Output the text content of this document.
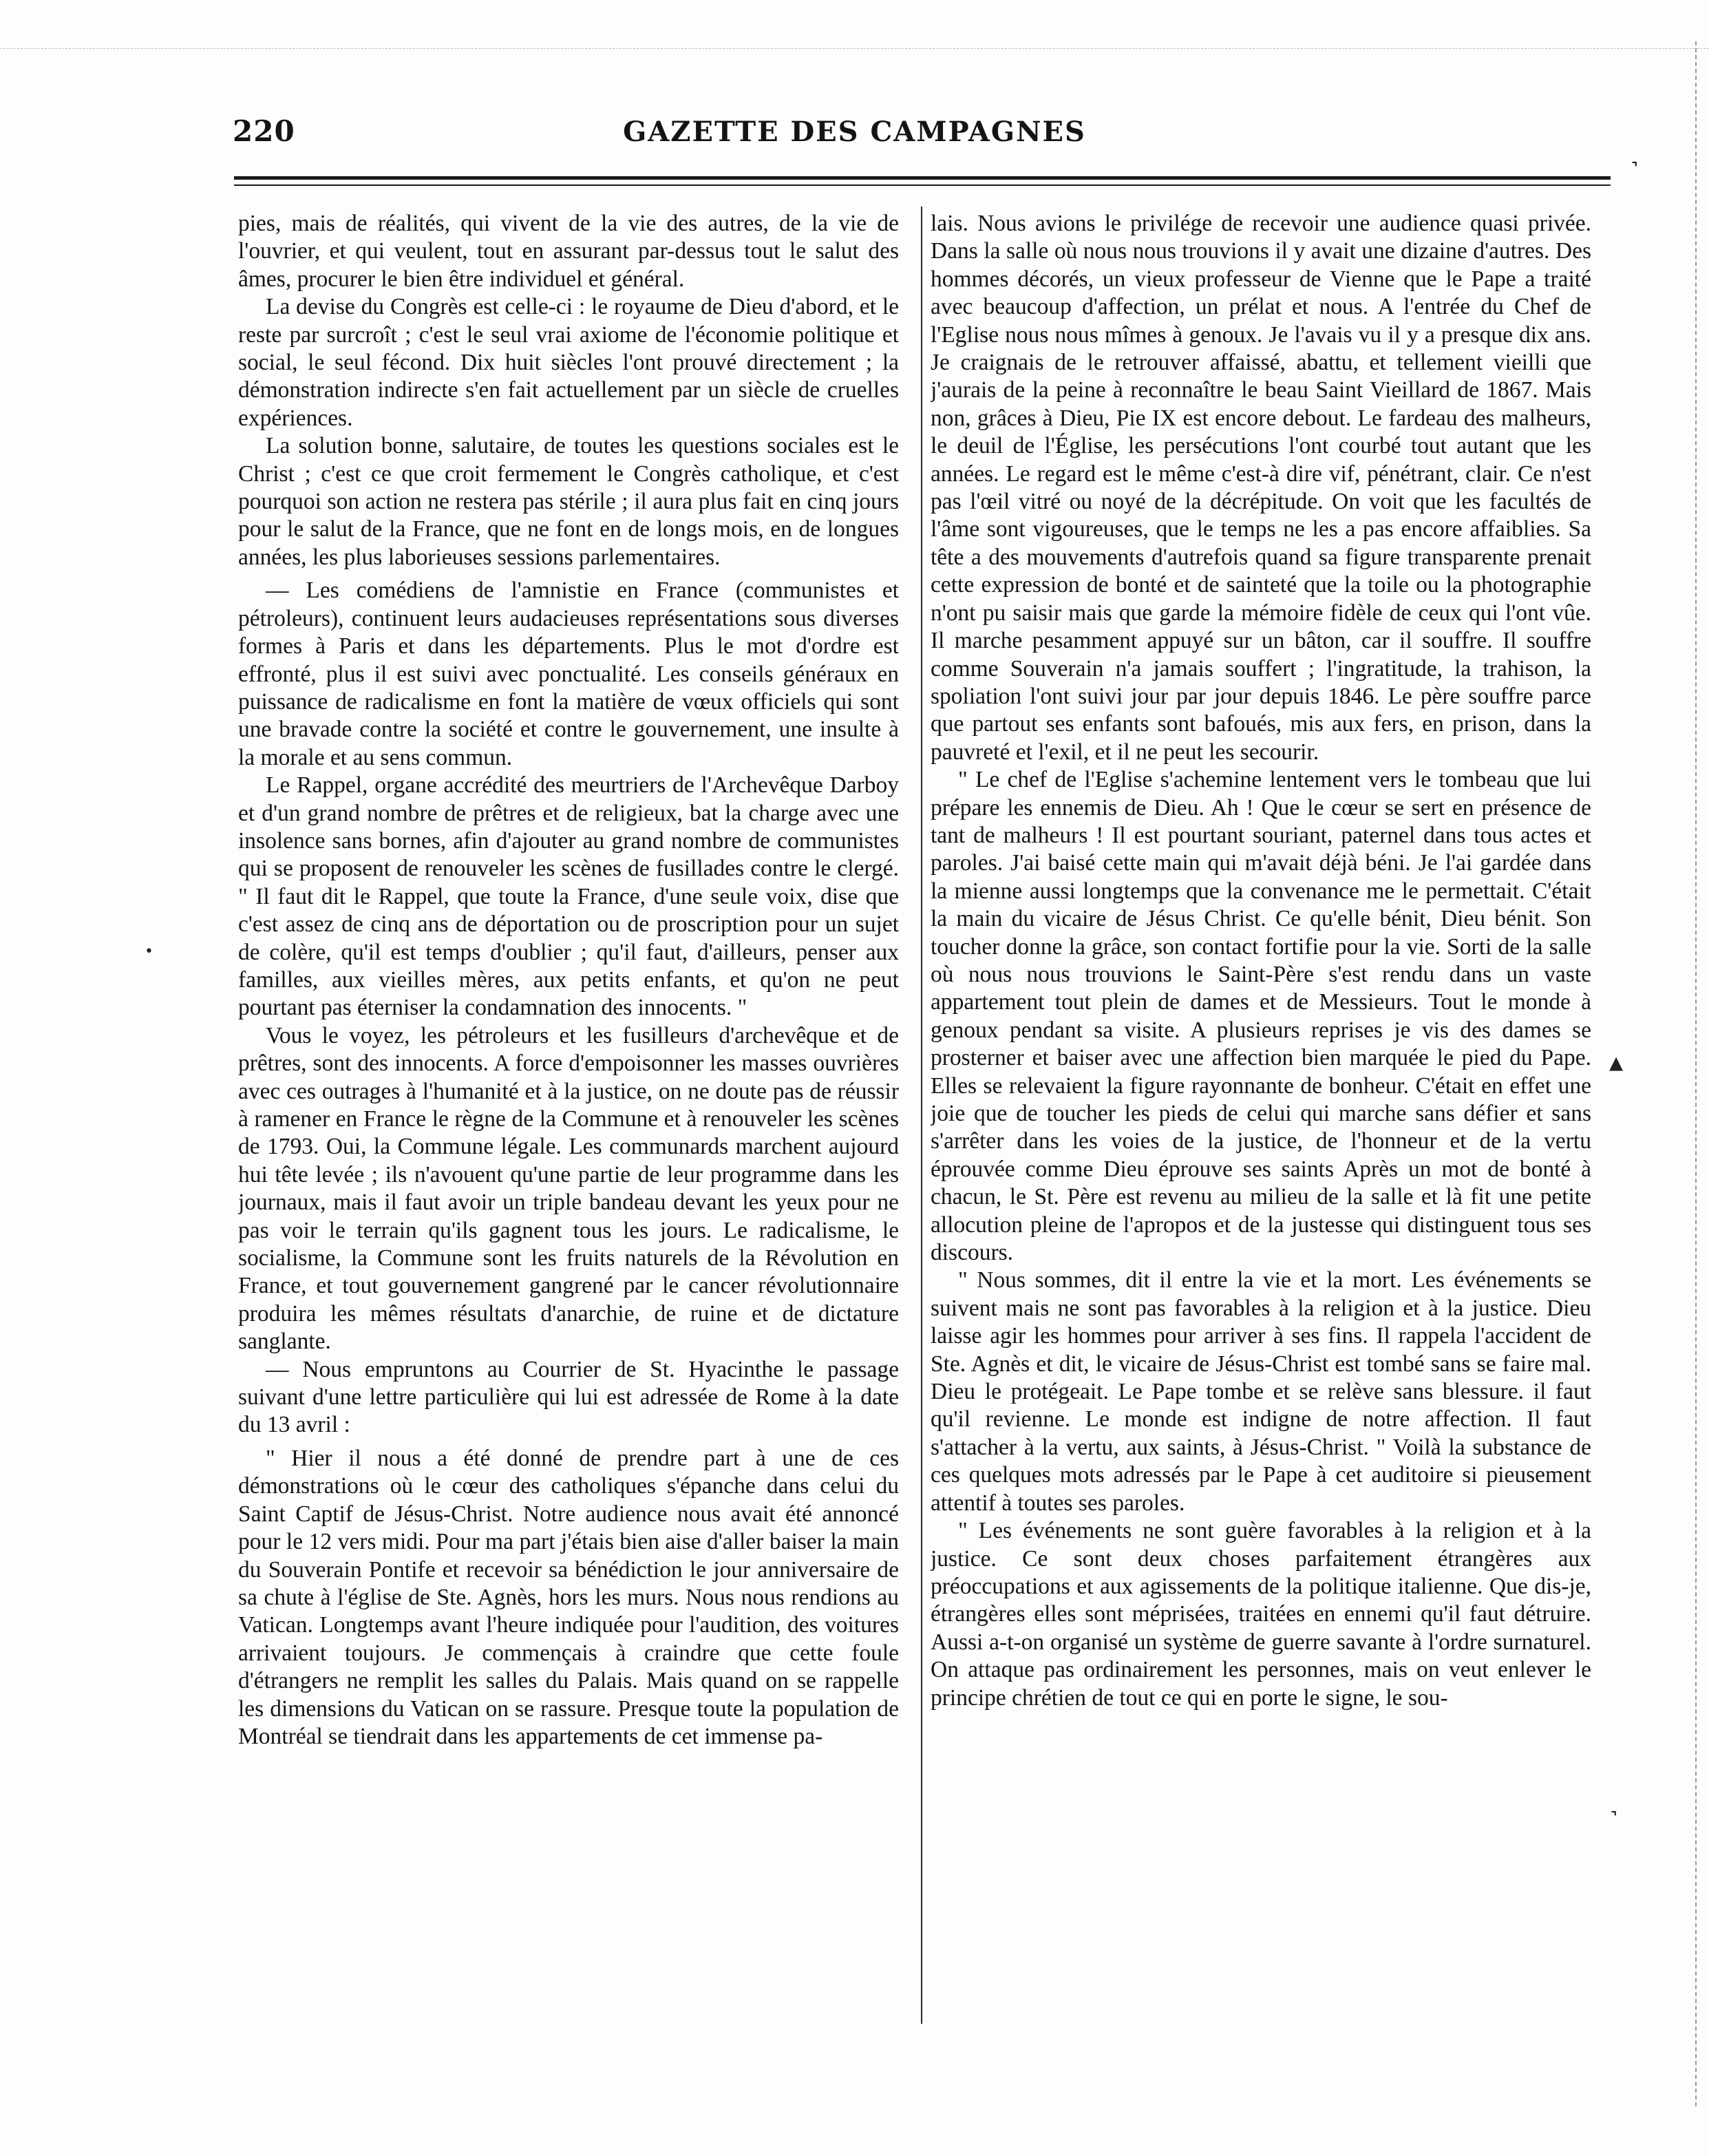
220	GAZETTE DES CAMPAGNES

pies, mais de réalités, qui vivent de la vie des autres, de la vie de l'ouvrier, et qui veulent, tout en assurant par-dessus tout le salut des âmes, procurer le bien être individuel et général.

La devise du Congrès est celle-ci : le royaume de Dieu d'abord, et le reste par surcroît ; c'est le seul vrai axiome de l'économie politique et social, le seul fécond. Dix huit siècles l'ont prouvé directement ; la démonstration indirecte s'en fait actuellement par un siècle de cruelles expériences.

La solution bonne, salutaire, de toutes les questions sociales est le Christ ; c'est ce que croit fermement le Congrès catholique, et c'est pourquoi son action ne restera pas stérile ; il aura plus fait en cinq jours pour le salut de la France, que ne font en de longs mois, en de longues années, les plus laborieuses sessions parlementaires.

— Les comédiens de l'amnistie en France (communistes et pétroleurs), continuent leurs audacieuses représentations sous diverses formes à Paris et dans les départements. Plus le mot d'ordre est effronté, plus il est suivi avec ponctualité. Les conseils généraux en puissance de radicalisme en font la matière de vœux officiels qui sont une bravade contre la société et contre le gouvernement, une insulte à la morale et au sens commun.

Le Rappel, organe accrédité des meurtriers de l'Archevêque Darboy et d'un grand nombre de prêtres et de religieux, bat la charge avec une insolence sans bornes, afin d'ajouter au grand nombre de communistes qui se proposent de renouveler les scènes de fusillades contre le clergé. " Il faut dit le Rappel, que toute la France, d'une seule voix, dise que c'est assez de cinq ans de déportation ou de proscription pour un sujet de colère, qu'il est temps d'oublier ; qu'il faut, d'ailleurs, penser aux familles, aux vieilles mères, aux petits enfants, et qu'on ne peut pourtant pas éterniser la condamnation des innocents. "

Vous le voyez, les pétroleurs et les fusilleurs d'archevêque et de prêtres, sont des innocents. A force d'empoisonner les masses ouvrières avec ces outrages à l'humanité et à la justice, on ne doute pas de réussir à ramener en France le règne de la Commune et à renouveler les scènes de 1793. Oui, la Commune légale. Les communards marchent aujourd hui tête levée ; ils n'avouent qu'une partie de leur programme dans les journaux, mais il faut avoir un triple bandeau devant les yeux pour ne pas voir le terrain qu'ils gagnent tous les jours. Le radicalisme, le socialisme, la Commune sont les fruits naturels de la Révolution en France, et tout gouvernement gangrené par le cancer révolutionnaire produira les mêmes résultats d'anarchie, de ruine et de dictature sanglante.

— Nous empruntons au Courrier de St. Hyacinthe le passage suivant d'une lettre particulière qui lui est adressée de Rome à la date du 13 avril :

" Hier il nous a été donné de prendre part à une de ces démonstrations où le cœur des catholiques s'épanche dans celui du Saint Captif de Jésus-Christ. Notre audience nous avait été annoncé pour le 12 vers midi. Pour ma part j'étais bien aise d'aller baiser la main du Souverain Pontife et recevoir sa bénédiction le jour anniversaire de sa chute à l'église de Ste. Agnès, hors les murs. Nous nous rendions au Vatican. Longtemps avant l'heure indiquée pour l'audition, des voitures arrivaient toujours. Je commençais à craindre que cette foule d'étrangers ne remplit les salles du Palais. Mais quand on se rappelle les dimensions du Vatican on se rassure. Presque toute la population de Montréal se tiendrait dans les appartements de cet immense pa-

lais. Nous avions le privilége de recevoir une audience quasi privée. Dans la salle où nous nous trouvions il y avait une dizaine d'autres. Des hommes décorés, un vieux professeur de Vienne que le Pape a traité avec beaucoup d'affection, un prélat et nous. A l'entrée du Chef de l'Eglise nous nous mîmes à genoux. Je l'avais vu il y a presque dix ans. Je craignais de le retrouver affaissé, abattu, et tellement vieilli que j'aurais de la peine à reconnaître le beau Saint Vieillard de 1867. Mais non, grâces à Dieu, Pie IX est encore debout. Le fardeau des malheurs, le deuil de l'Église, les persécutions l'ont courbé tout autant que les années. Le regard est le même c'est-à dire vif, pénétrant, clair. Ce n'est pas l'œil vitré ou noyé de la décrépitude. On voit que les facultés de l'âme sont vigoureuses, que le temps ne les a pas encore affaiblies. Sa tête a des mouvements d'autrefois quand sa figure transparente prenait cette expression de bonté et de sainteté que la toile ou la photographie n'ont pu saisir mais que garde la mémoire fidèle de ceux qui l'ont vûe. Il marche pesamment appuyé sur un bâton, car il souffre. Il souffre comme Souverain n'a jamais souffert ; l'ingratitude, la trahison, la spoliation l'ont suivi jour par jour depuis 1846. Le père souffre parce que partout ses enfants sont bafoués, mis aux fers, en prison, dans la pauvreté et l'exil, et il ne peut les secourir.

" Le chef de l'Eglise s'achemine lentement vers le tombeau que lui prépare les ennemis de Dieu. Ah ! Que le cœur se sert en présence de tant de malheurs ! Il est pourtant souriant, paternel dans tous actes et paroles. J'ai baisé cette main qui m'avait déjà béni. Je l'ai gardée dans la mienne aussi longtemps que la convenance me le permettait. C'était la main du vicaire de Jésus Christ. Ce qu'elle bénit, Dieu bénit. Son toucher donne la grâce, son contact fortifie pour la vie. Sorti de la salle où nous nous trouvions le Saint-Père s'est rendu dans un vaste appartement tout plein de dames et de Messieurs. Tout le monde à genoux pendant sa visite. A plusieurs reprises je vis des dames se prosterner et baiser avec une affection bien marquée le pied du Pape. Elles se relevaient la figure rayonnante de bonheur. C'était en effet une joie que de toucher les pieds de celui qui marche sans défier et sans s'arrêter dans les voies de la justice, de l'honneur et de la vertu éprouvée comme Dieu éprouve ses saints Après un mot de bonté à chacun, le St. Père est revenu au milieu de la salle et là fit une petite allocution pleine de l'apropos et de la justesse qui distinguent tous ses discours.

" Nous sommes, dit il entre la vie et la mort. Les événements se suivent mais ne sont pas favorables à la religion et à la justice. Dieu laisse agir les hommes pour arriver à ses fins. Il rappela l'accident de Ste. Agnès et dit, le vicaire de Jésus-Christ est tombé sans se faire mal. Dieu le protégeait. Le Pape tombe et se relève sans blessure. il faut qu'il revienne. Le monde est indigne de notre affection. Il faut s'attacher à la vertu, aux saints, à Jésus-Christ. " Voilà la substance de ces quelques mots adressés par le Pape à cet auditoire si pieusement attentif à toutes ses paroles.

" Les événements ne sont guère favorables à la religion et à la justice. Ce sont deux choses parfaitement étrangères aux préoccupations et aux agissements de la politique italienne. Que dis-je, étrangères elles sont méprisées, traitées en ennemi qu'il faut détruire. Aussi a-t-on organisé un système de guerre savante à l'ordre surnaturel. On attaque pas ordinairement les personnes, mais on veut enlever le principe chrétien de tout ce qui en porte le signe, le sou-

˺
▴
˺
•
